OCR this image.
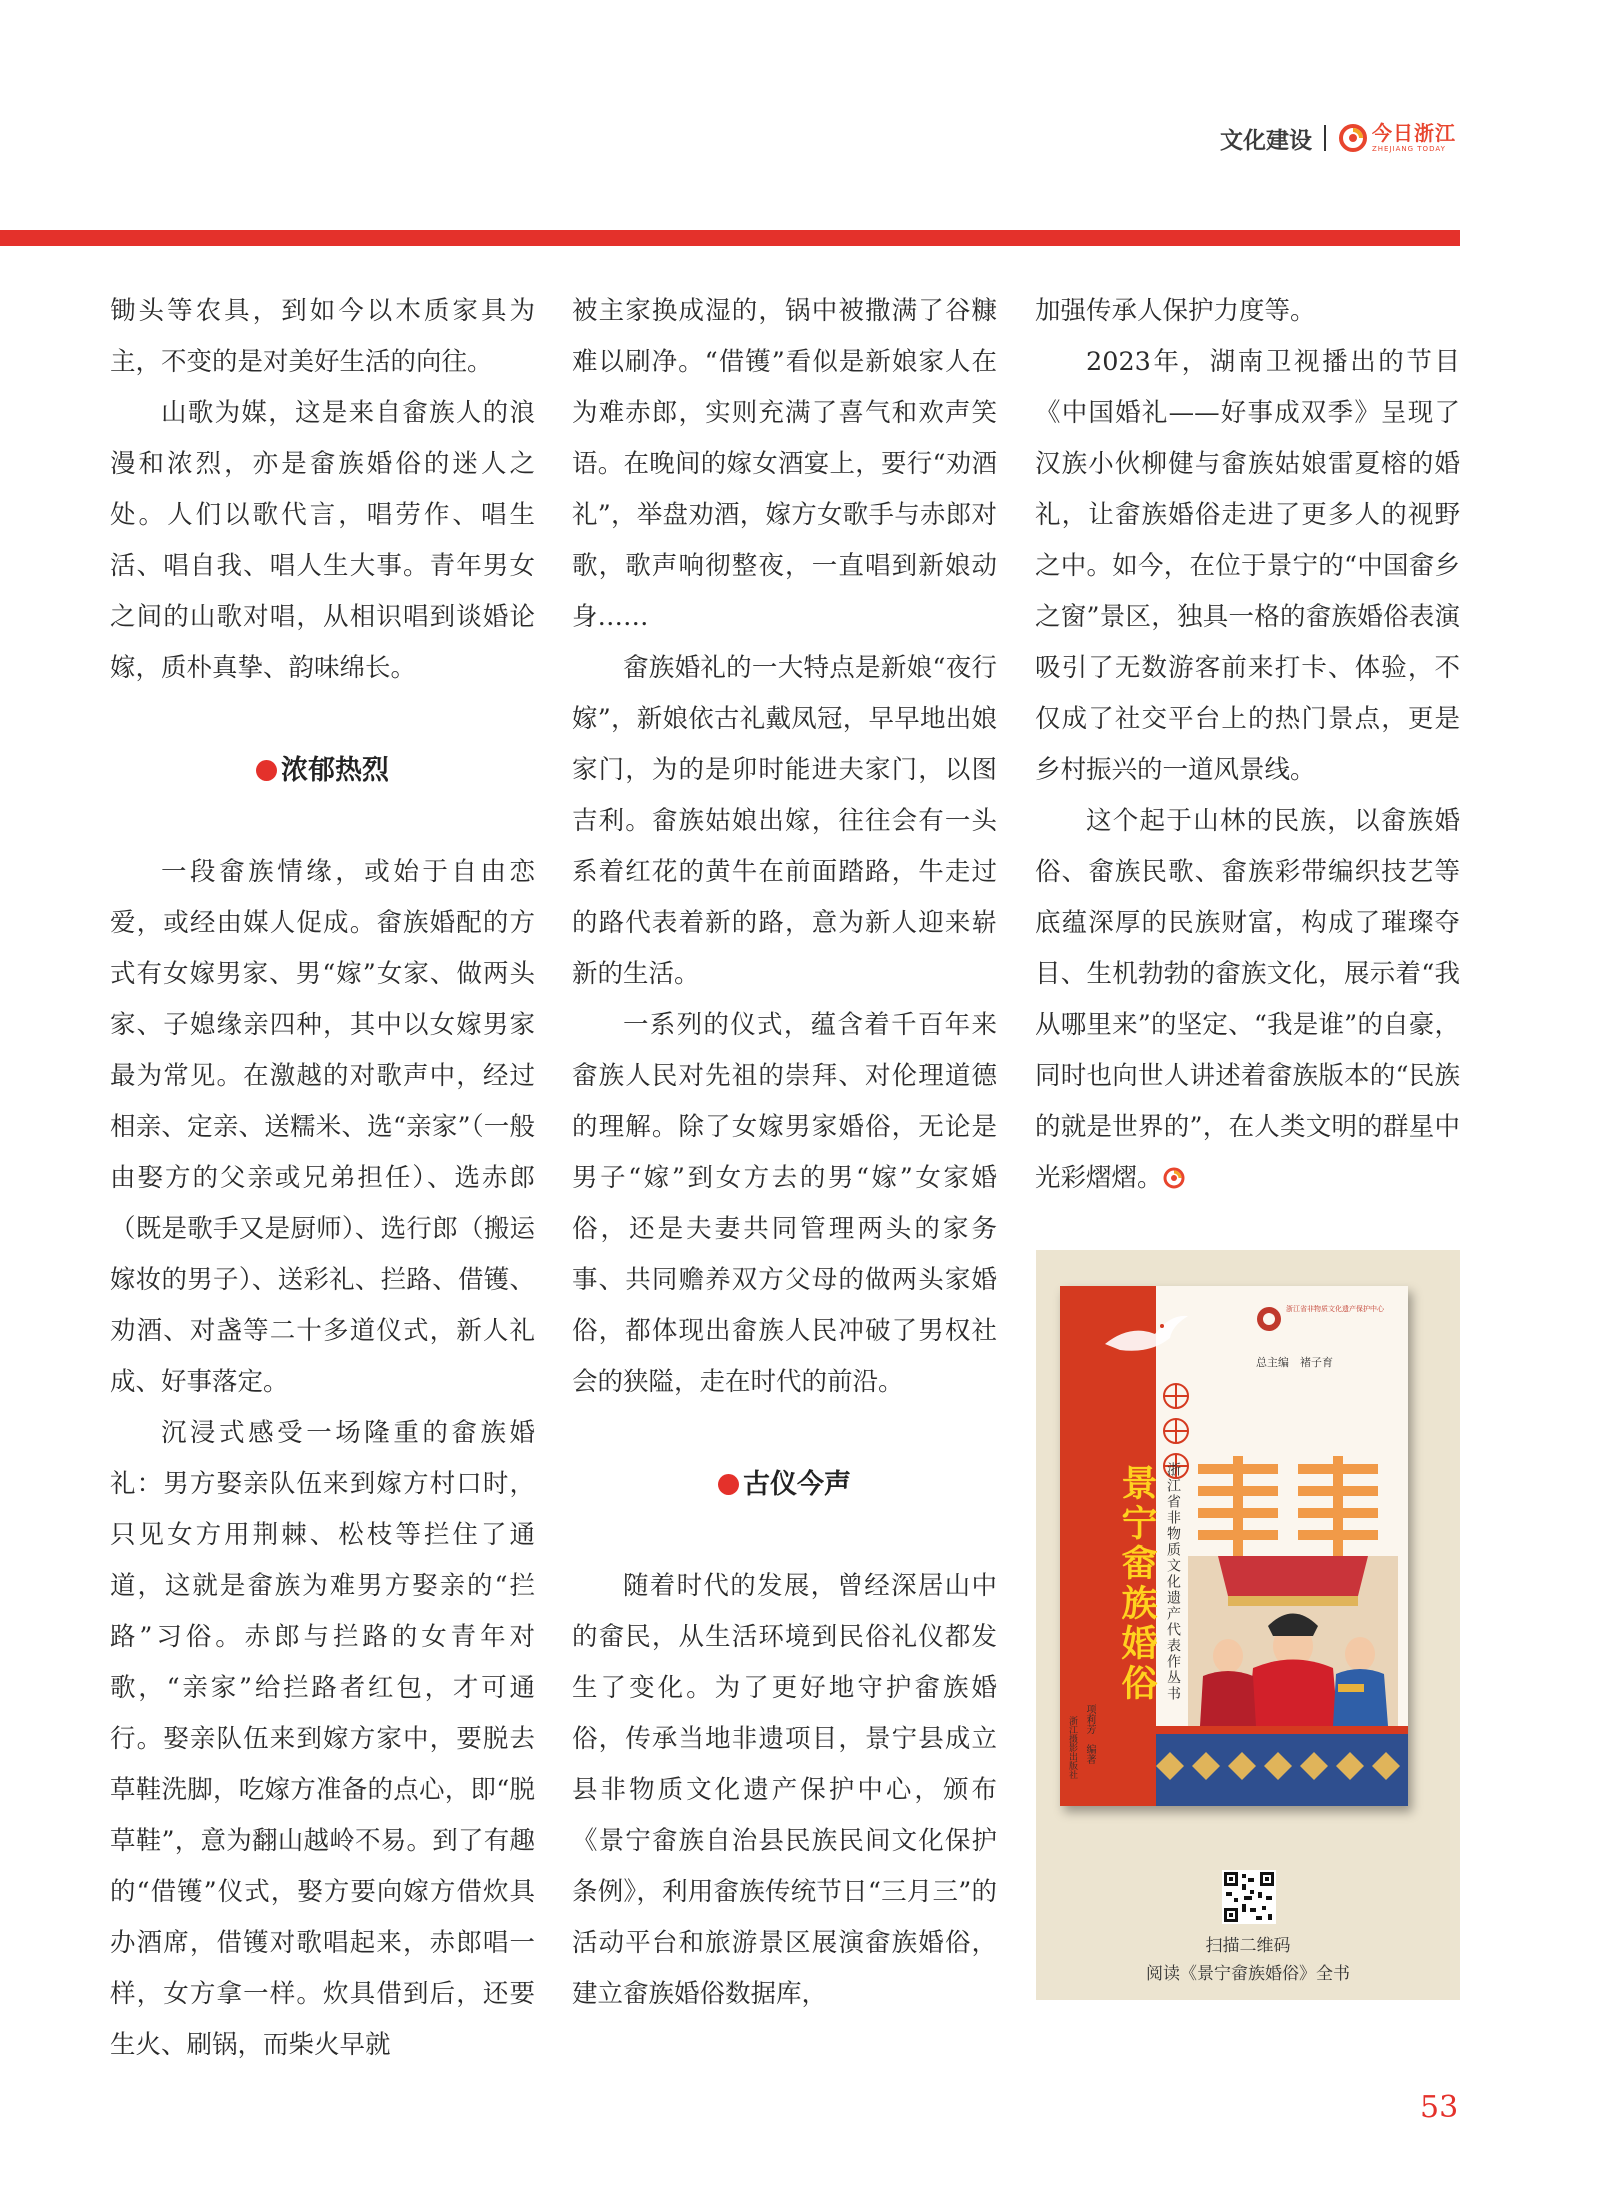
文化建设	今日浙江
ZHEJIANG TODAY

锄头等农具，到如今以木质家具为主，不变的是对美好生活的向往。

山歌为媒，这是来自畲族人的浪漫和浓烈，亦是畲族婚俗的迷人之处。人们以歌代言，唱劳作、唱生活、唱自我、唱人生大事。青年男女之间的山歌对唱，从相识唱到谈婚论嫁，质朴真挚、韵味绵长。

浓郁热烈

一段畲族情缘，或始于自由恋爱，或经由媒人促成。畲族婚配的方式有女嫁男家、男“嫁”女家、做两头家、子媳缘亲四种，其中以女嫁男家最为常见。在激越的对歌声中，经过相亲、定亲、送糯米、选“亲家”（一般由娶方的父亲或兄弟担任）、选赤郎（既是歌手又是厨师）、选行郎（搬运嫁妆的男子）、送彩礼、拦路、借镬、劝酒、对盏等二十多道仪式，新人礼成、好事落定。

沉浸式感受一场隆重的畲族婚礼：男方娶亲队伍来到嫁方村口时，只见女方用荆棘、松枝等拦住了通道，这就是畲族为难男方娶亲的“拦路”习俗。赤郎与拦路的女青年对歌，“亲家”给拦路者红包，才可通行。娶亲队伍来到嫁方家中，要脱去草鞋洗脚，吃嫁方准备的点心，即“脱草鞋”，意为翻山越岭不易。到了有趣的“借镬”仪式，娶方要向嫁方借炊具办酒席，借镬对歌唱起来，赤郎唱一样，女方拿一样。炊具借到后，还要生火、刷锅，而柴火早就

被主家换成湿的，锅中被撒满了谷糠难以刷净。“借镬”看似是新娘家人在为难赤郎，实则充满了喜气和欢声笑语。在晚间的嫁女酒宴上，要行“劝酒礼”，举盘劝酒，嫁方女歌手与赤郎对歌，歌声响彻整夜，一直唱到新娘动身……

畲族婚礼的一大特点是新娘“夜行嫁”，新娘依古礼戴凤冠，早早地出娘家门，为的是卯时能进夫家门，以图吉利。畲族姑娘出嫁，往往会有一头系着红花的黄牛在前面踏路，牛走过的路代表着新的路，意为新人迎来崭新的生活。

一系列的仪式，蕴含着千百年来畲族人民对先祖的崇拜、对伦理道德的理解。除了女嫁男家婚俗，无论是男子“嫁”到女方去的男“嫁”女家婚俗，还是夫妻共同管理两头的家务事、共同赡养双方父母的做两头家婚俗，都体现出畲族人民冲破了男权社会的狭隘，走在时代的前沿。

古仪今声

随着时代的发展，曾经深居山中的畲民，从生活环境到民俗礼仪都发生了变化。为了更好地守护畲族婚俗，传承当地非遗项目，景宁县成立县非物质文化遗产保护中心，颁布《景宁畲族自治县民族民间文化保护条例》，利用畲族传统节日“三月三”的活动平台和旅游景区展演畲族婚俗，建立畲族婚俗数据库，

加强传承人保护力度等。

2023年，湖南卫视播出的节目《中国婚礼——好事成双季》呈现了汉族小伙柳健与畲族姑娘雷夏榕的婚礼，让畲族婚俗走进了更多人的视野之中。如今，在位于景宁的“中国畲乡之窗”景区，独具一格的畲族婚俗表演吸引了无数游客前来打卡、体验，不仅成了社交平台上的热门景点，更是乡村振兴的一道风景线。

这个起于山林的民族，以畲族婚俗、畲族民歌、畲族彩带编织技艺等底蕴深厚的民族财富，构成了璀璨夺目、生机勃勃的畲族文化，展示着“我从哪里来”的坚定、“我是谁”的自豪，同时也向世人讲述着畲族版本的“民族的就是世界的”，在人类文明的群星中光彩熠熠。

浙江省非物质文化遗产保护中心
总主编　褚子育
景宁畲族婚俗 浙江省非物质文化遗产代表作丛书
项莉芳　编著
浙江摄影出版社
扫描二维码
阅读《景宁畲族婚俗》全书
53
